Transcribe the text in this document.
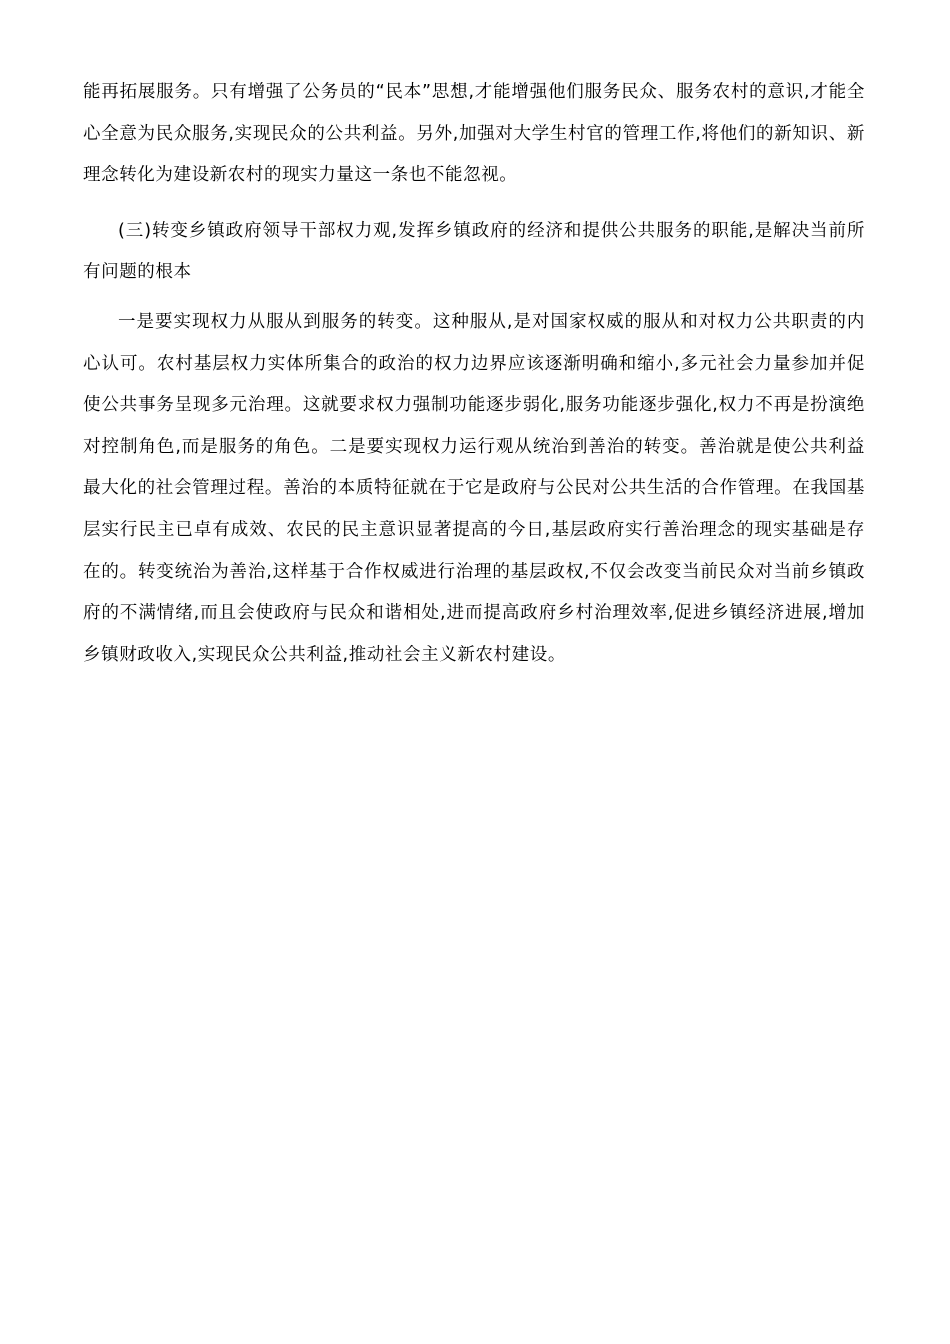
能再拓展服务。只有增强了公务员的“民本”思想,才能增强他们服务民众、服务农村的意识,才能全心全意为民众服务,实现民众的公共利益。另外,加强对大学生村官的管理工作,将他们的新知识、新理念转化为建设新农村的现实力量这一条也不能忽视。

(三)转变乡镇政府领导干部权力观,发挥乡镇政府的经济和提供公共服务的职能,是解决当前所有问题的根本

一是要实现权力从服从到服务的转变。这种服从,是对国家权威的服从和对权力公共职责的内心认可。农村基层权力实体所集合的政治的权力边界应该逐渐明确和缩小,多元社会力量参加并促使公共事务呈现多元治理。这就要求权力强制功能逐步弱化,服务功能逐步强化,权力不再是扮演绝对控制角色,而是服务的角色。二是要实现权力运行观从统治到善治的转变。善治就是使公共利益最大化的社会管理过程。善治的本质特征就在于它是政府与公民对公共生活的合作管理。在我国基层实行民主已卓有成效、农民的民主意识显著提高的今日,基层政府实行善治理念的现实基础是存在的。转变统治为善治,这样基于合作权威进行治理的基层政权,不仅会改变当前民众对当前乡镇政府的不满情绪,而且会使政府与民众和谐相处,进而提高政府乡村治理效率,促进乡镇经济进展,增加乡镇财政收入,实现民众公共利益,推动社会主义新农村建设。
